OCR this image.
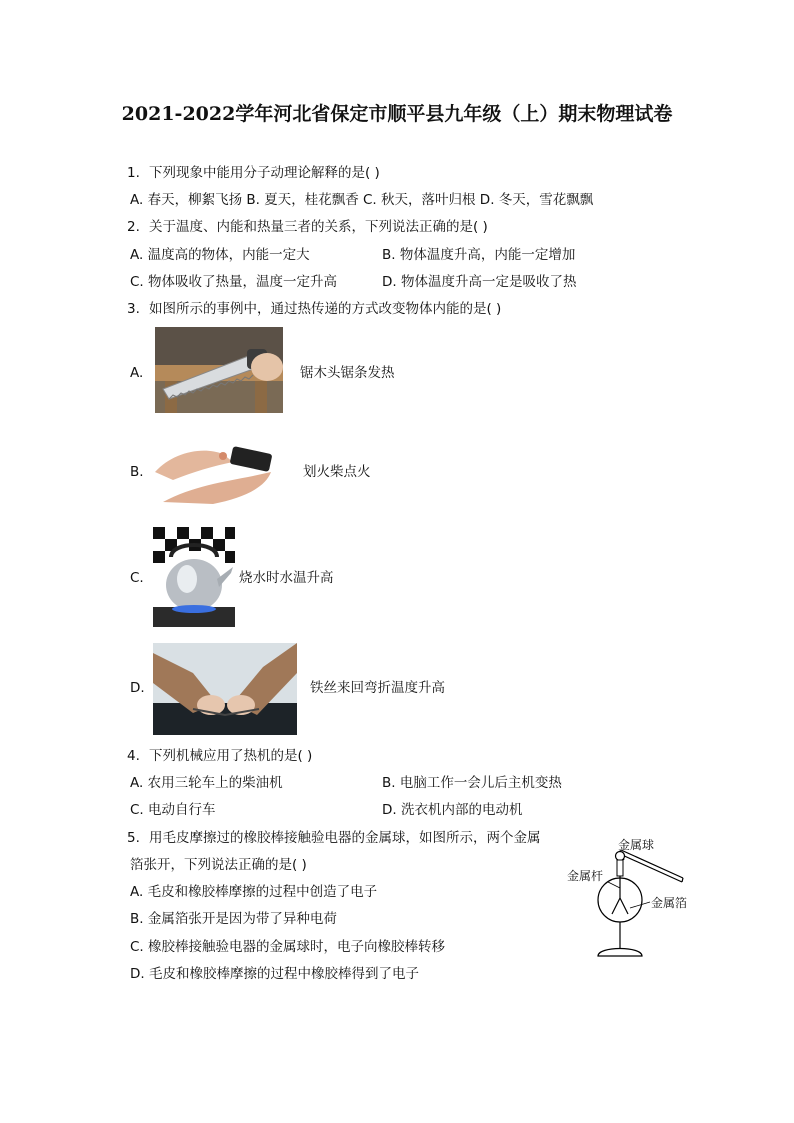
2021-2022学年河北省保定市顺平县九年级（上）期末物理试卷
1. 下列现象中能用分子动理论解释的是( )
A. 春天，柳絮飞扬 B. 夏天，桂花飘香 C. 秋天，落叶归根 D. 冬天，雪花飘飘
2. 关于温度、内能和热量三者的关系，下列说法正确的是( )
A. 温度高的物体，内能一定大	B. 物体温度升高，内能一定增加
C. 物体吸收了热量，温度一定升高	D. 物体温度升高一定是吸收了热
3. 如图所示的事例中，通过热传递的方式改变物体内能的是( )
A.	锯木头锯条发热
B.	划火柴点火
C.	烧水时水温升高
D.	铁丝来回弯折温度升高
4. 下列机械应用了热机的是( )
A. 农用三轮车上的柴油机	B. 电脑工作一会儿后主机变热
C. 电动自行车	D. 洗衣机内部的电动机
5. 用毛皮摩擦过的橡胶棒接触验电器的金属球，如图所示，两个金属
箔张开，下列说法正确的是( )
A. 毛皮和橡胶棒摩擦的过程中创造了电子
B. 金属箔张开是因为带了异种电荷
C. 橡胶棒接触验电器的金属球时，电子向橡胶棒转移
D. 毛皮和橡胶棒摩擦的过程中橡胶棒得到了电子
金属球
金属杆
金属箔
